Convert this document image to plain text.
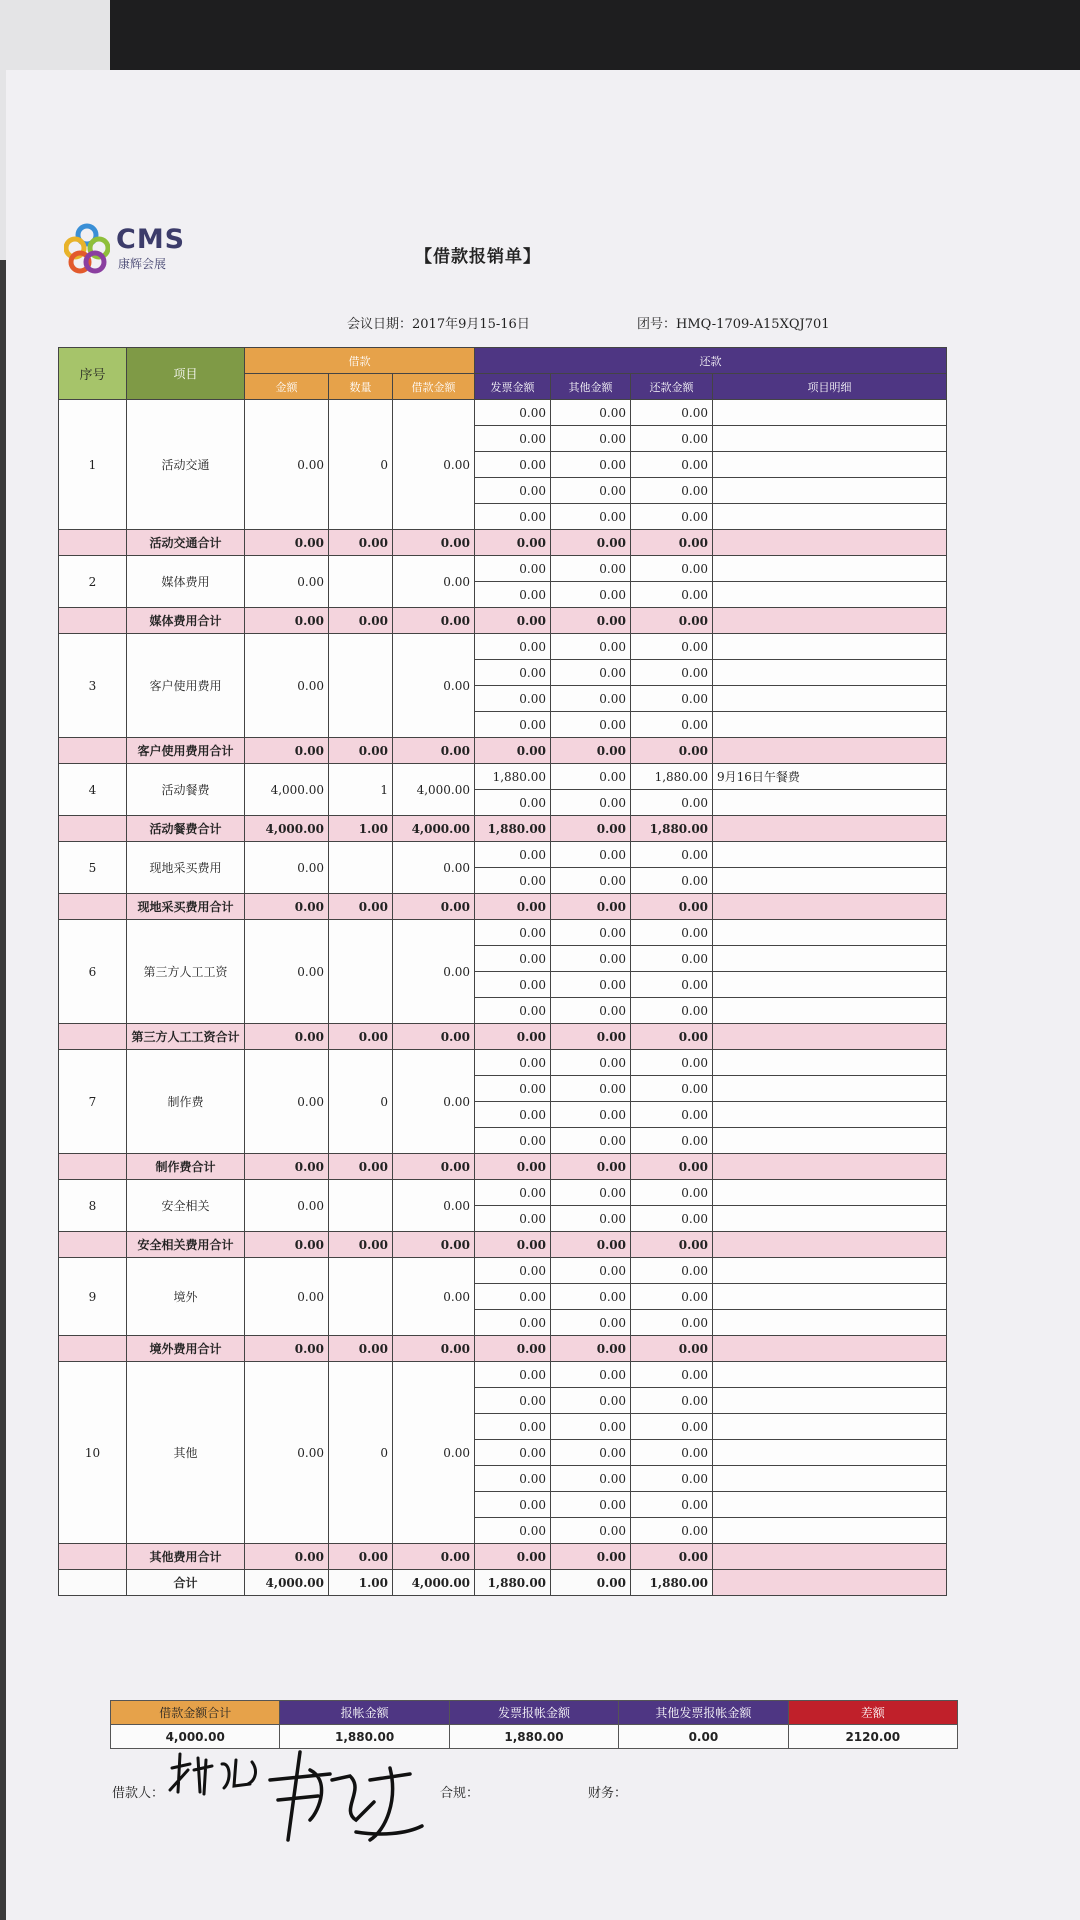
CMS
康辉会展	【借款报销单】
会议日期：2017年9月15-16日	团号：HMQ-1709-A15XQJ701
序号	项目	借款			还款			
		金额	数量	借款金额	发票金额	其他金额	还款金额	项目明细
1	活动交通	0.00	0	0.00	0.00	0.00	0.00	
					0.00	0.00	0.00	
					0.00	0.00	0.00	
					0.00	0.00	0.00	
					0.00	0.00	0.00	
	活动交通合计	0.00	0.00	0.00	0.00	0.00	0.00	
2	媒体费用	0.00		0.00	0.00	0.00	0.00	
					0.00	0.00	0.00	
	媒体费用合计	0.00	0.00	0.00	0.00	0.00	0.00	
3	客户使用费用	0.00		0.00	0.00	0.00	0.00	
					0.00	0.00	0.00	
					0.00	0.00	0.00	
					0.00	0.00	0.00	
	客户使用费用合计	0.00	0.00	0.00	0.00	0.00	0.00	
4	活动餐费	4,000.00	1	4,000.00	1,880.00	0.00	1,880.00	9月16日午餐费
					0.00	0.00	0.00	
	活动餐费合计	4,000.00	1.00	4,000.00	1,880.00	0.00	1,880.00	
5	现地采买费用	0.00		0.00	0.00	0.00	0.00	
					0.00	0.00	0.00	
	现地采买费用合计	0.00	0.00	0.00	0.00	0.00	0.00	
6	第三方人工工资	0.00		0.00	0.00	0.00	0.00	
					0.00	0.00	0.00	
					0.00	0.00	0.00	
					0.00	0.00	0.00	
	第三方人工工资合计	0.00	0.00	0.00	0.00	0.00	0.00	
7	制作费	0.00	0	0.00	0.00	0.00	0.00	
					0.00	0.00	0.00	
					0.00	0.00	0.00	
					0.00	0.00	0.00	
	制作费合计	0.00	0.00	0.00	0.00	0.00	0.00	
8	安全相关	0.00		0.00	0.00	0.00	0.00	
					0.00	0.00	0.00	
	安全相关费用合计	0.00	0.00	0.00	0.00	0.00	0.00	
9	境外	0.00		0.00	0.00	0.00	0.00	
					0.00	0.00	0.00	
					0.00	0.00	0.00	
	境外费用合计	0.00	0.00	0.00	0.00	0.00	0.00	
10	其他	0.00	0	0.00	0.00	0.00	0.00	
					0.00	0.00	0.00	
					0.00	0.00	0.00	
					0.00	0.00	0.00	
					0.00	0.00	0.00	
					0.00	0.00	0.00	
					0.00	0.00	0.00	
	其他费用合计	0.00	0.00	0.00	0.00	0.00	0.00	
	合计	4,000.00	1.00	4,000.00	1,880.00	0.00	1,880.00	
借款金额合计	报帐金额	发票报帐金额	其他发票报帐金额	差额
4,000.00	1,880.00	1,880.00	0.00	2120.00
借款人：	合规：	财务：
